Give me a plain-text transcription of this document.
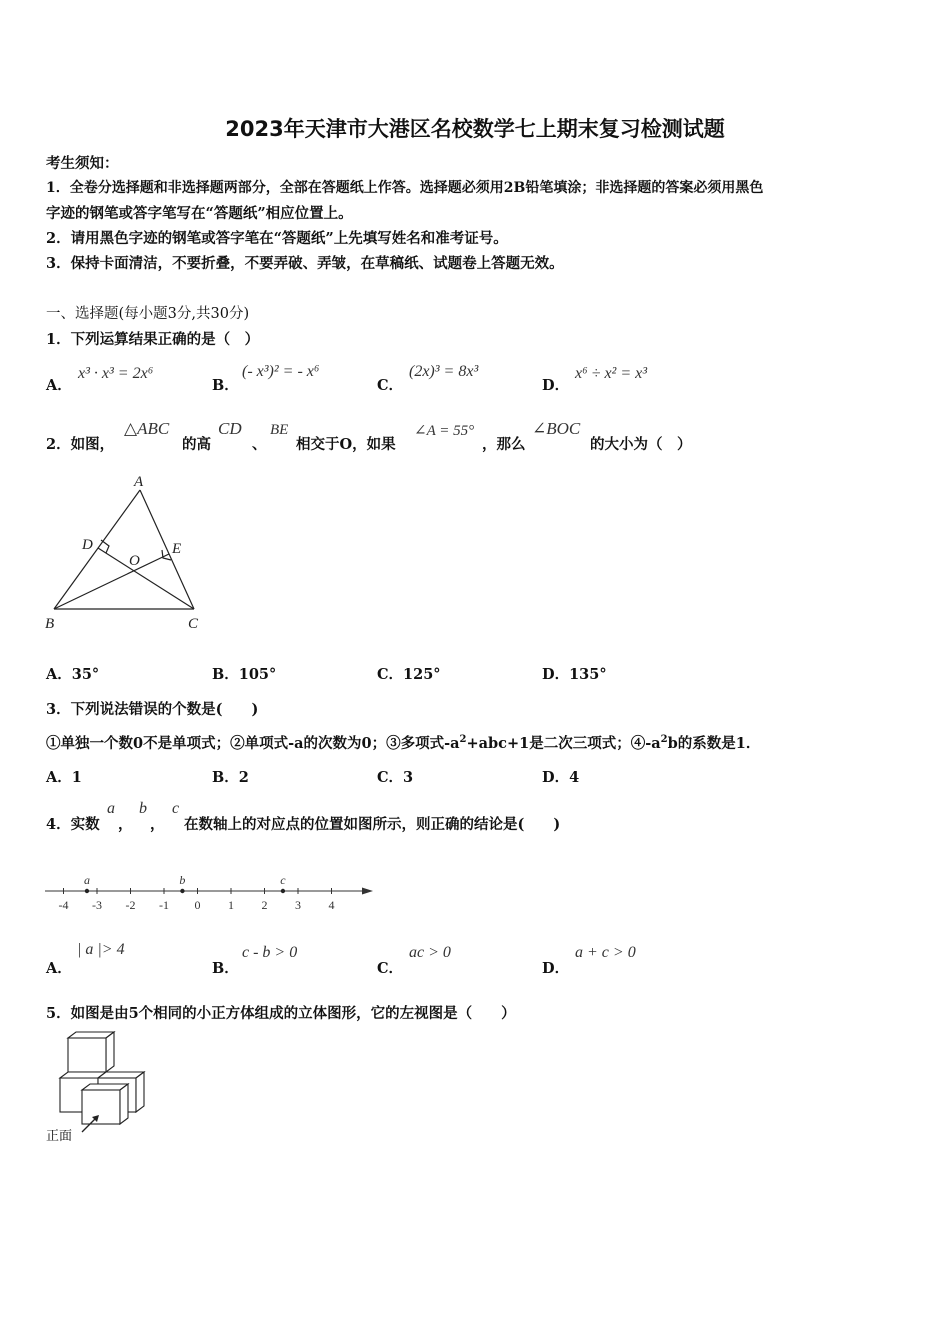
2023年天津市大港区名校数学七上期末复习检测试题
考生须知：
1．全卷分选择题和非选择题两部分，全部在答题纸上作答。选择题必须用2B铅笔填涂；非选择题的答案必须用黑色
字迹的钢笔或答字笔写在“答题纸”相应位置上。
2．请用黑色字迹的钢笔或答字笔在“答题纸”上先填写姓名和准考证号。
3．保持卡面清洁，不要折叠，不要弄破、弄皱，在草稿纸、试题卷上答题无效。
一、选择题(每小题3分,共30分)
1．下列运算结果正确的是（　）
A．
x³ · x³ = 2x⁶
B．
(- x³)² = - x⁶
C．
(2x)³ = 8x³
D．
x⁶ ÷ x² = x³
2．如图，
△ABC
的高
CD
、
BE
相交于O，如果
∠A = 55°
，那么
∠BOC
的大小为（　）
A
B	C
D	E
O
A．35°	B．105°	C．125°	D．135°
3．下列说法错误的个数是(　　)
①单独一个数0不是单项式；②单项式-a的次数为0；③多项式$-a^2+abc+1$是二次三项式；$④-a^2b$的系数是1．
A．1	B．2	C．3	D．4
4．实数
a
，
b
，
c
在数轴上的对应点的位置如图所示，则正确的结论是(　　)
-4 -3 -2 -1 0 1 2 3 4
a	b	c
A．
| a |> 4
B．
c - b > 0
C．
ac > 0
D．
a + c > 0
5．如图是由5个相同的小正方体组成的立体图形，它的左视图是（　　）
正面
